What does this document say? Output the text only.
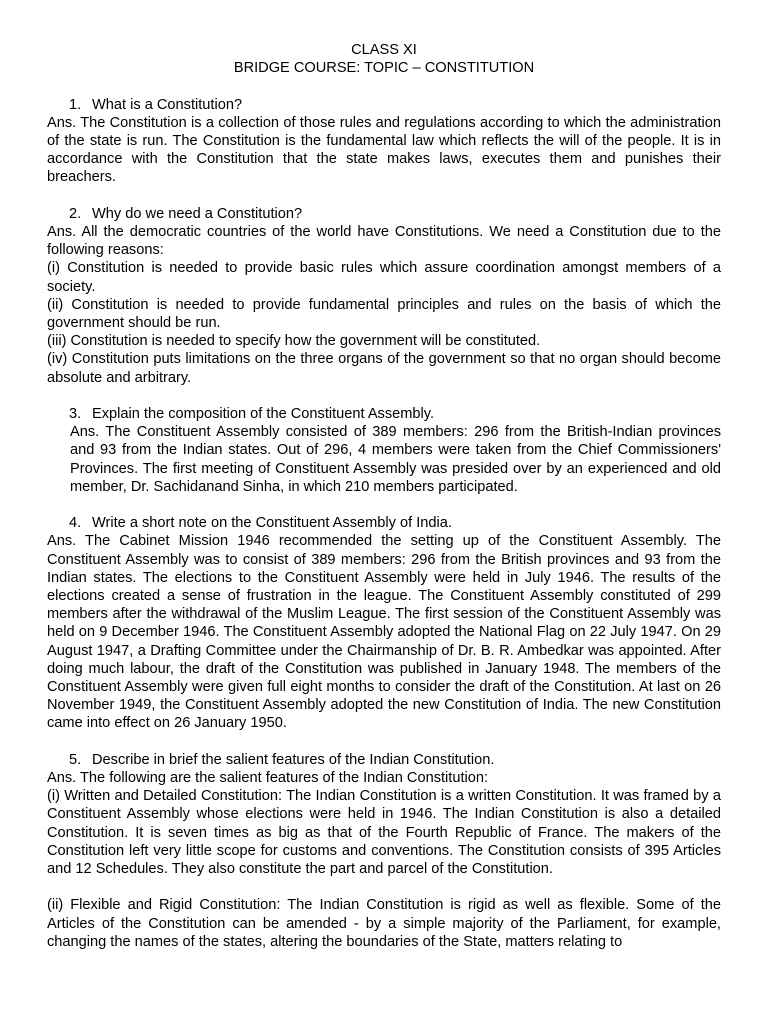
CLASS XI
BRIDGE COURSE: TOPIC – CONSTITUTION
1. What is a Constitution?

Ans. The Constitution is a collection of those rules and regulations according to which the administration of the state is run. The Constitution is the fundamental law which reflects the will of the people. It is in accordance with the Constitution that the state makes laws, executes them and punishes their breachers.

2. Why do we need a Constitution?

Ans. All the democratic countries of the world have Constitutions. We need a Constitution due to the following reasons:

(i) Constitution is needed to provide basic rules which assure coordination amongst members of a society.

(ii) Constitution is needed to provide fundamental principles and rules on the basis of which the government should be run.

(iii) Constitution is needed to specify how the government will be constituted.

(iv) Constitution puts limitations on the three organs of the government so that no organ should become absolute and arbitrary.

3. Explain the composition of the Constituent Assembly.

Ans. The Constituent Assembly consisted of 389 members: 296 from the British-Indian provinces and 93 from the Indian states. Out of 296, 4 members were taken from the Chief Commissioners' Provinces. The first meeting of Constituent Assembly was presided over by an experienced and old member, Dr. Sachidanand Sinha, in which 210 members participated.

4. Write a short note on the Constituent Assembly of India.

Ans. The Cabinet Mission 1946 recommended the setting up of the Constituent Assembly. The Constituent Assembly was to consist of 389 members: 296 from the British provinces and 93 from the Indian states. The elections to the Constituent Assembly were held in July 1946. The results of the elections created a sense of frustration in the league. The Constituent Assembly constituted of 299 members after the withdrawal of the Muslim League. The first session of the Constituent Assembly was held on 9 December 1946. The Constituent Assembly adopted the National Flag on 22 July 1947. On 29 August 1947, a Drafting Committee under the Chairmanship of Dr. B. R. Ambedkar was appointed. After doing much labour, the draft of the Constitution was published in January 1948. The members of the Constituent Assembly were given full eight months to consider the draft of the Constitution. At last on 26 November 1949, the Constituent Assembly adopted the new Constitution of India. The new Constitution came into effect on 26 January 1950.

5. Describe in brief the salient features of the Indian Constitution.

Ans. The following are the salient features of the Indian Constitution:

(i) Written and Detailed Constitution: The Indian Constitution is a written Constitution. It was framed by a Constituent Assembly whose elections were held in 1946. The Indian Constitution is also a detailed Constitution. It is seven times as big as that of the Fourth Republic of France. The makers of the Constitution left very little scope for customs and conventions. The Constitution consists of 395 Articles and 12 Schedules. They also constitute the part and parcel of the Constitution.

(ii) Flexible and Rigid Constitution: The Indian Constitution is rigid as well as flexible. Some of the Articles of the Constitution can be amended - by a simple majority of the Parliament, for example, changing the names of the states, altering the boundaries of the State, matters relating to
